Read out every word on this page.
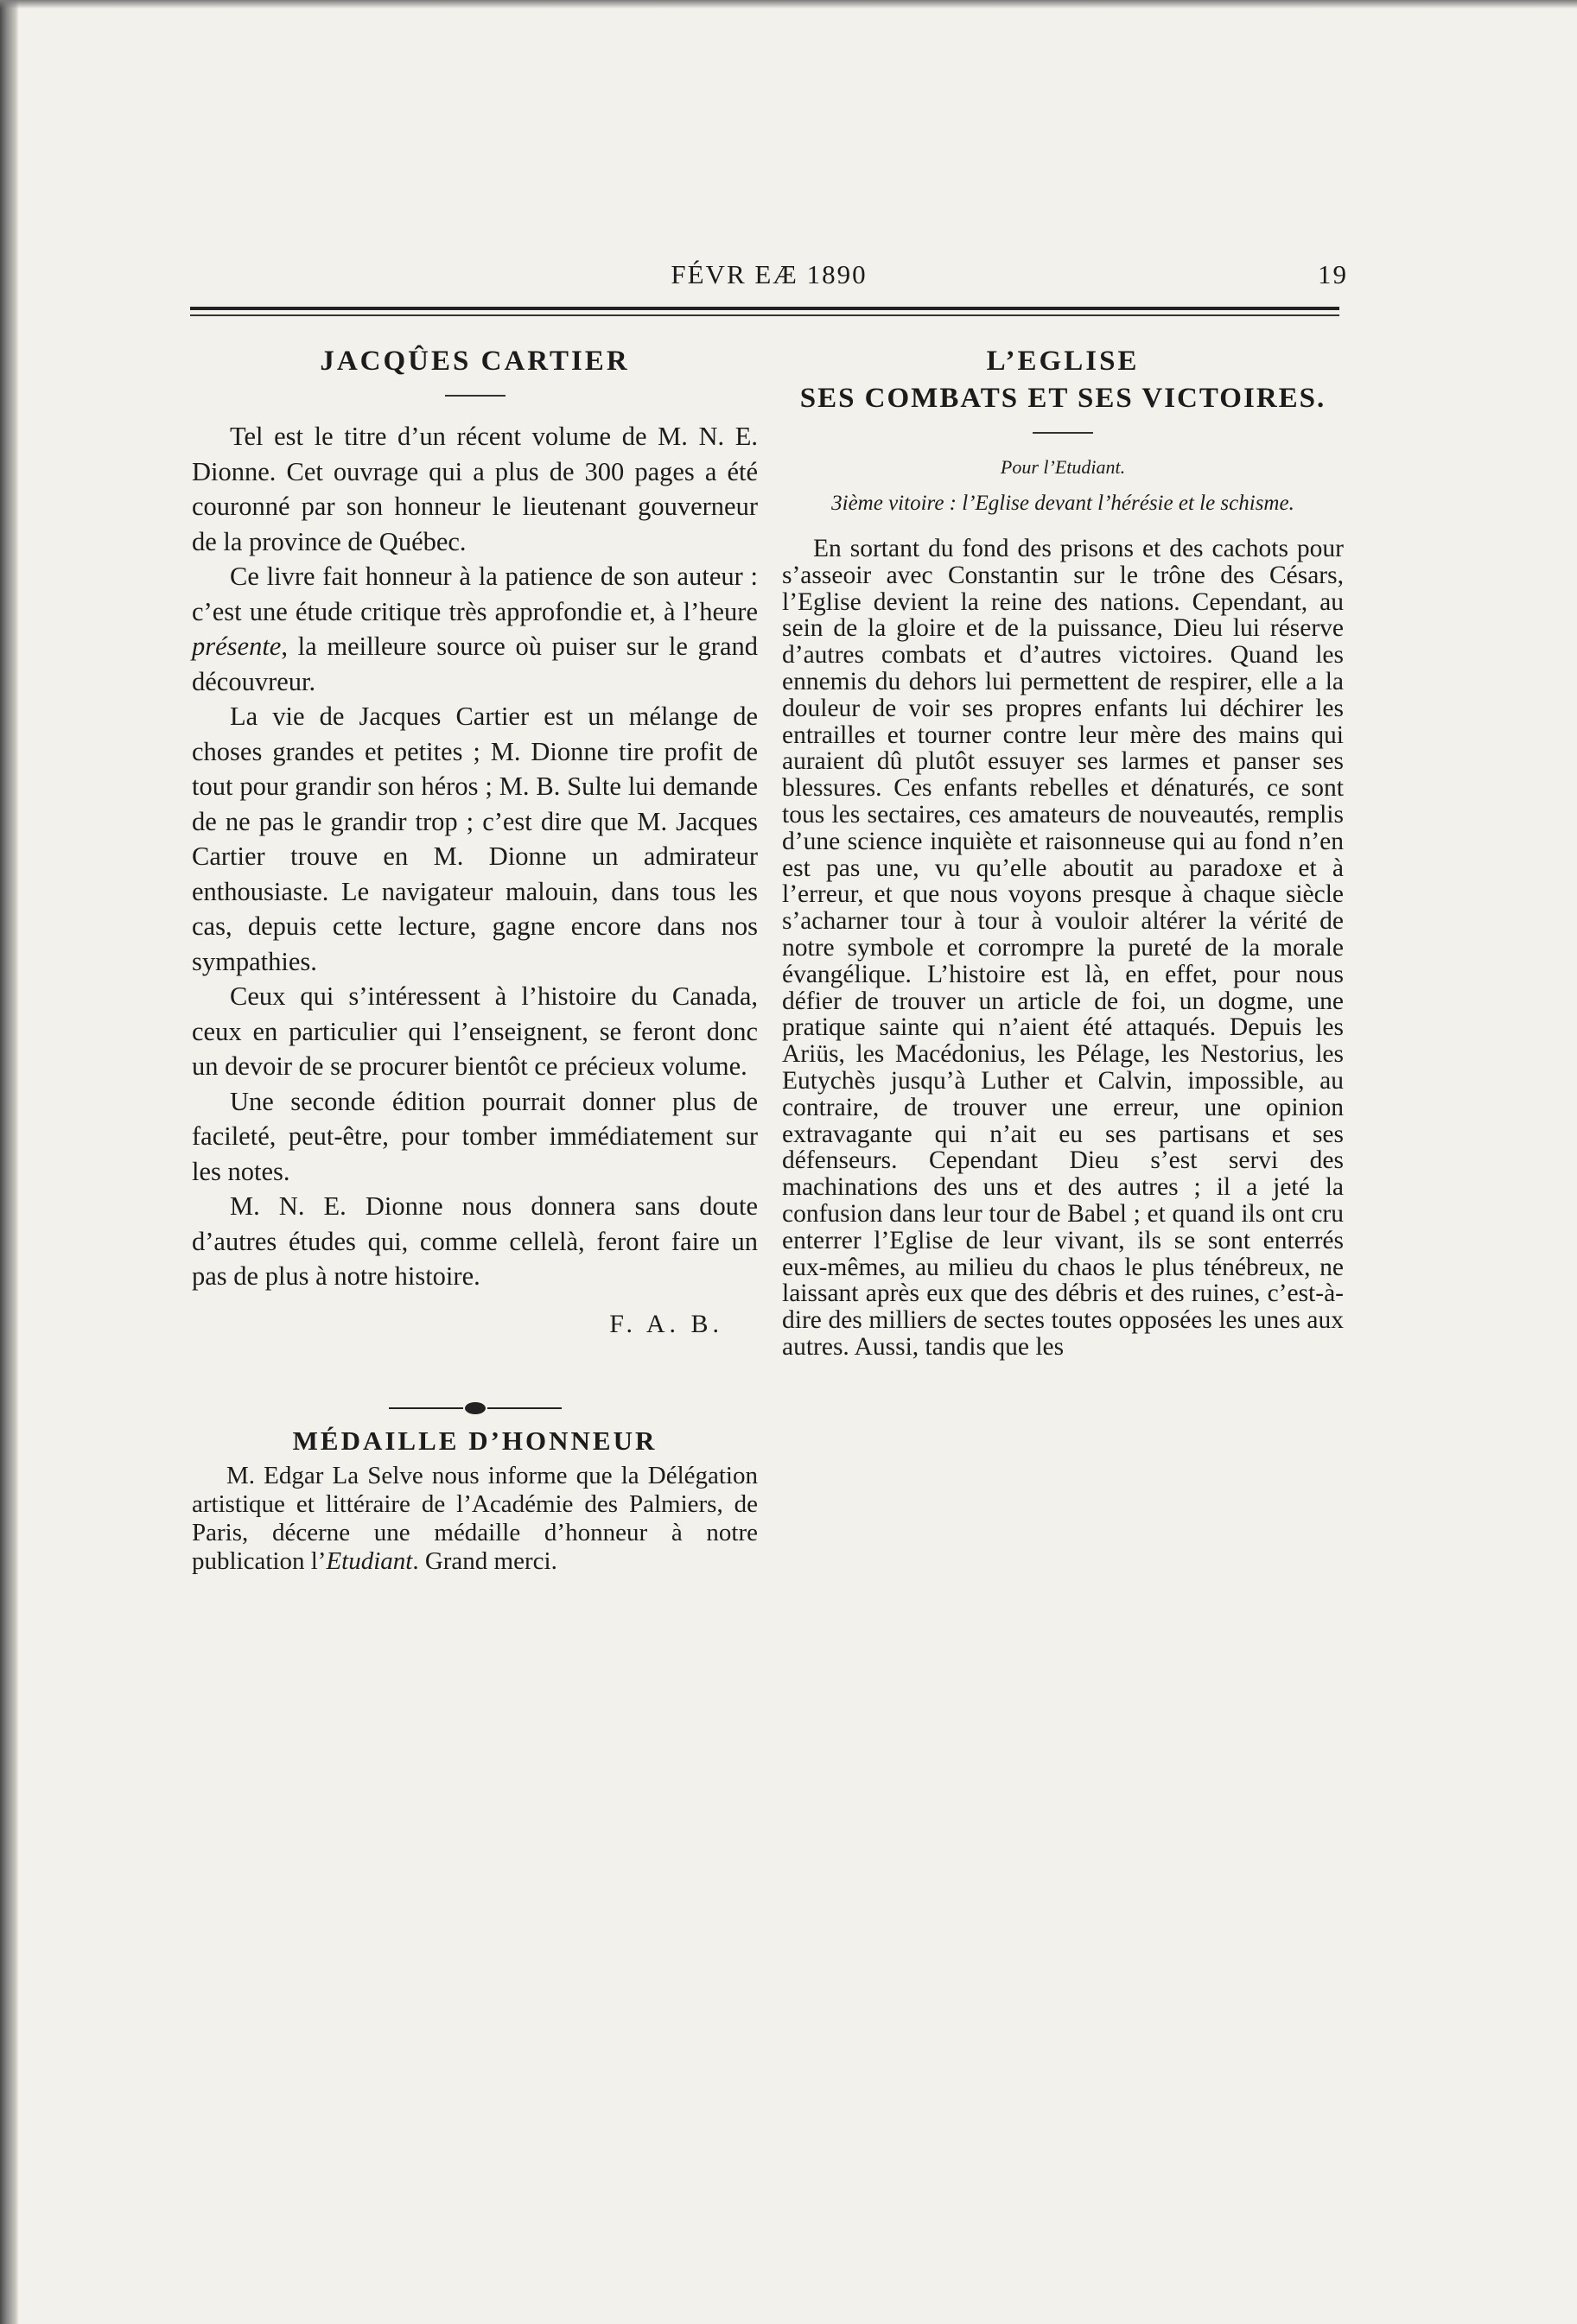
FÉVR EÆ 1890	19
JACQÛES CARTIER

Tel est le titre d’un récent volume de M. N. E. Dionne. Cet ouvrage qui a plus de 300 pages a été couronné par son honneur le lieutenant gouverneur de la province de Québec.

Ce livre fait honneur à la patience de son auteur : c’est une étude critique très approfondie et, à l’heure présente, la meilleure source où puiser sur le grand découvreur.

La vie de Jacques Cartier est un mélange de choses grandes et petites ; M. Dionne tire profit de tout pour grandir son héros ; M. B. Sulte lui demande de ne pas le grandir trop ; c’est dire que M. Jacques Cartier trouve en M. Dionne un admirateur enthousiaste. Le navigateur malouin, dans tous les cas, depuis cette lecture, gagne encore dans nos sympathies.

Ceux qui s’intéressent à l’histoire du Canada, ceux en particulier qui l’enseignent, se feront donc un devoir de se procurer bientôt ce précieux volume.

Une seconde édition pourrait donner plus de facileté, peut-être, pour tomber immédiatement sur les notes.

M. N. E. Dionne nous donnera sans doute d’autres études qui, comme cellelà, feront faire un pas de plus à notre histoire.

F. A. B.
MÉDAILLE D’HONNEUR

M. Edgar La Selve nous informe que la Délégation artistique et littéraire de l’Académie des Palmiers, de Paris, décerne une médaille d’honneur à notre publication l’Etudiant. Grand merci.

L’EGLISE
SES COMBATS ET SES VICTOIRES.

Pour l’Etudiant.

3ième vitoire : l’Eglise devant l’hérésie et le schisme.

En sortant du fond des prisons et des cachots pour s’asseoir avec Constantin sur le trône des Césars, l’Eglise devient la reine des nations. Cependant, au sein de la gloire et de la puissance, Dieu lui réserve d’autres combats et d’autres victoires. Quand les ennemis du dehors lui permettent de respirer, elle a la douleur de voir ses propres enfants lui déchirer les entrailles et tourner contre leur mère des mains qui auraient dû plutôt essuyer ses larmes et panser ses blessures. Ces enfants rebelles et dénaturés, ce sont tous les sectaires, ces amateurs de nouveautés, remplis d’une science inquiète et raisonneuse qui au fond n’en est pas une, vu qu’elle aboutit au paradoxe et à l’erreur, et que nous voyons presque à chaque siècle s’acharner tour à tour à vouloir altérer la vérité de notre symbole et corrompre la pureté de la morale évangélique. L’histoire est là, en effet, pour nous défier de trouver un article de foi, un dogme, une pratique sainte qui n’aient été attaqués. Depuis les Ariüs, les Macédonius, les Pélage, les Nestorius, les Eutychès jusqu’à Luther et Calvin, impossible, au contraire, de trouver une erreur, une opinion extravagante qui n’ait eu ses partisans et ses défenseurs. Cependant Dieu s’est servi des machinations des uns et des autres ; il a jeté la confusion dans leur tour de Babel ; et quand ils ont cru enterrer l’Eglise de leur vivant, ils se sont enterrés eux-mêmes, au milieu du chaos le plus ténébreux, ne laissant après eux que des débris et des ruines, c’est-à-dire des milliers de sectes toutes opposées les unes aux autres. Aussi, tandis que les
